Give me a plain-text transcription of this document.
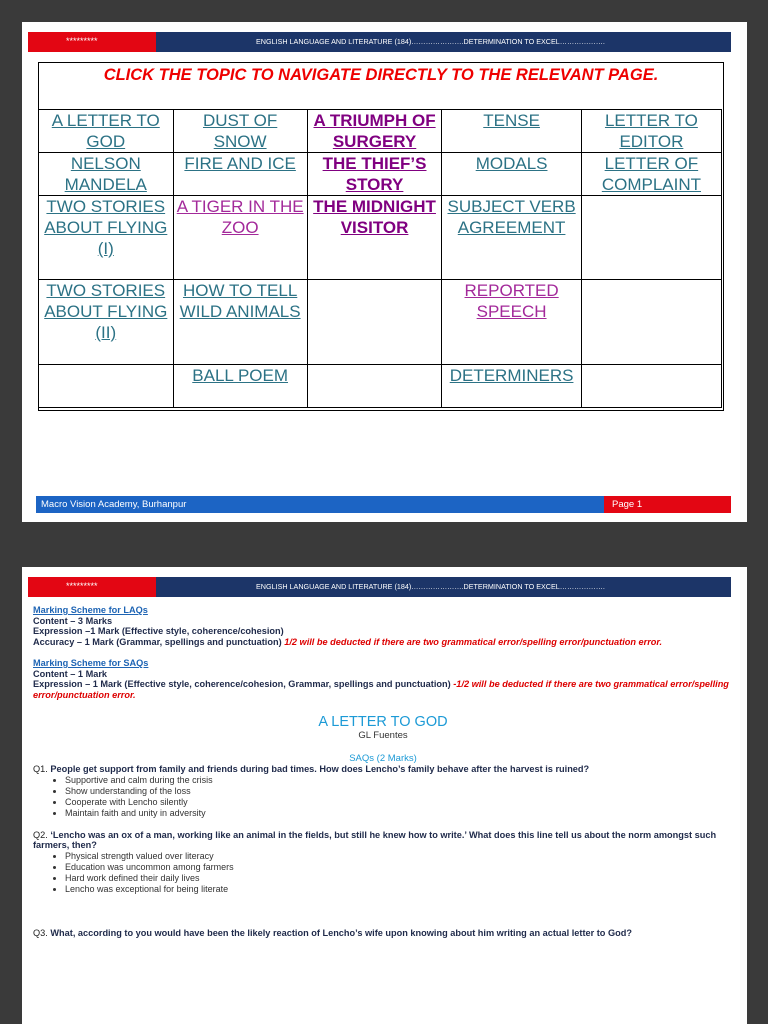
*********	ENGLISH LANGUAGE AND LITERATURE (184)………………….DETERMINATION TO EXCEL……………….
CLICK THE TOPIC TO NAVIGATE DIRECTLY TO THE RELEVANT PAGE.
A LETTER TO GOD	DUST OF SNOW	A TRIUMPH OF SURGERY	TENSE	LETTER TO EDITOR
NELSON MANDELA	FIRE AND ICE	THE THIEF’S STORY	MODALS	LETTER OF COMPLAINT
TWO STORIES ABOUT FLYING (I)	A TIGER IN THE ZOO	THE MIDNIGHT VISITOR	SUBJECT VERB AGREEMENT	
TWO STORIES ABOUT FLYING (II)	HOW TO TELL WILD ANIMALS		REPORTED SPEECH	
	BALL POEM		DETERMINERS	
Macro Vision Academy, Burhanpur	Page 1
*********	ENGLISH LANGUAGE AND LITERATURE (184)………………….DETERMINATION TO EXCEL……………….
Marking Scheme for LAQs
Content – 3 Marks
Expression –1 Mark (Effective style, coherence/cohesion)
Accuracy – 1 Mark (Grammar, spellings and punctuation) 1/2 will be deducted if there are two grammatical error/spelling error/punctuation error.
Marking Scheme for SAQs
Content – 1 Mark
Expression – 1 Mark (Effective style, coherence/cohesion, Grammar, spellings and punctuation) -1/2 will be deducted if there are two grammatical error/spelling error/punctuation error.
A LETTER TO GOD
GL Fuentes
SAQs (2 Marks)
Q1. People get support from family and friends during bad times. How does Lencho’s family behave after the harvest is ruined?
• Supportive and calm during the crisis
• Show understanding of the loss
• Cooperate with Lencho silently
• Maintain faith and unity in adversity
Q2. ‘Lencho was an ox of a man, working like an animal in the fields, but still he knew how to write.’ What does this line tell us about the norm amongst such farmers, then?
• Physical strength valued over literacy
• Education was uncommon among farmers
• Hard work defined their daily lives
• Lencho was exceptional for being literate
Q3. What, according to you would have been the likely reaction of Lencho’s wife upon knowing about him writing an actual letter to God?
